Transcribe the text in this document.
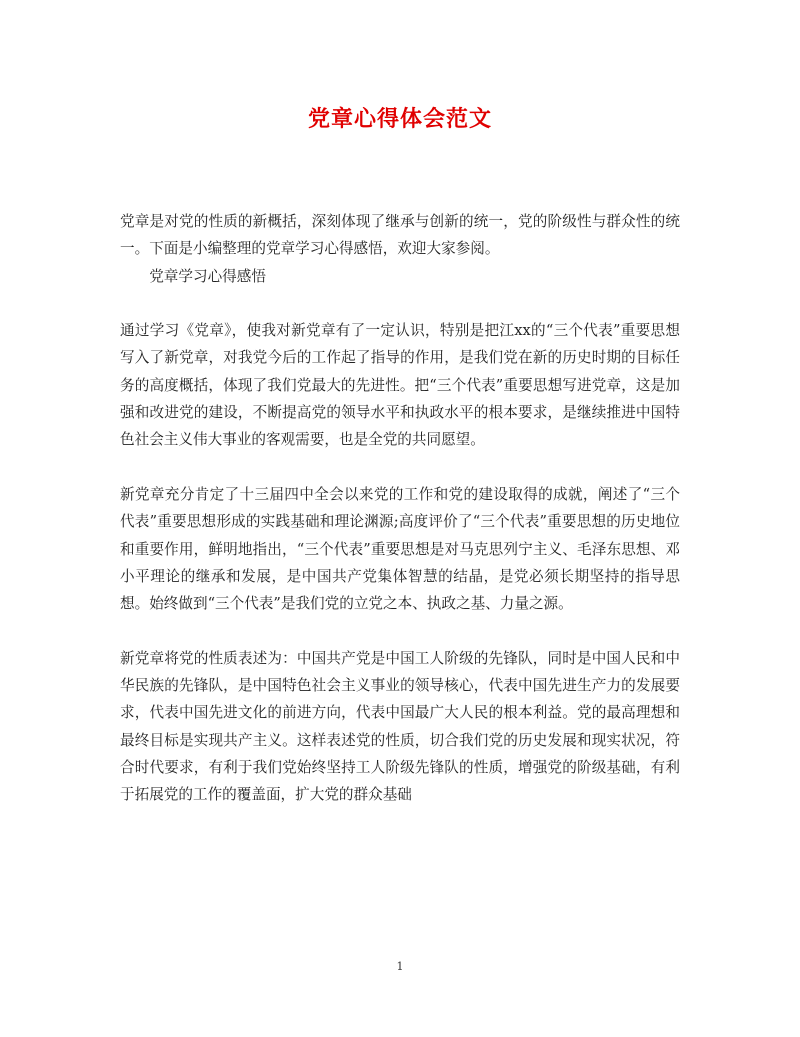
党章心得体会范文

党章是对党的性质的新概括，深刻体现了继承与创新的统一，党的阶级性与群众性的统一。下面是小编整理的党章学习心得感悟，欢迎大家参阅。

党章学习心得感悟

通过学习《党章》，使我对新党章有了一定认识，特别是把江xx的“三个代表”重要思想写入了新党章，对我党今后的工作起了指导的作用，是我们党在新的历史时期的目标任务的高度概括，体现了我们党最大的先进性。把“三个代表”重要思想写进党章，这是加强和改进党的建设，不断提高党的领导水平和执政水平的根本要求，是继续推进中国特色社会主义伟大事业的客观需要，也是全党的共同愿望。

新党章充分肯定了十三届四中全会以来党的工作和党的建设取得的成就，阐述了“三个代表”重要思想形成的实践基础和理论渊源;高度评价了“三个代表”重要思想的历史地位和重要作用，鲜明地指出，“三个代表”重要思想是对马克思列宁主义、毛泽东思想、邓小平理论的继承和发展，是中国共产党集体智慧的结晶，是党必须长期坚持的指导思想。始终做到“三个代表”是我们党的立党之本、执政之基、力量之源。

新党章将党的性质表述为：中国共产党是中国工人阶级的先锋队，同时是中国人民和中华民族的先锋队，是中国特色社会主义事业的领导核心，代表中国先进生产力的发展要求，代表中国先进文化的前进方向，代表中国最广大人民的根本利益。党的最高理想和最终目标是实现共产主义。这样表述党的性质，切合我们党的历史发展和现实状况，符合时代要求，有利于我们党始终坚持工人阶级先锋队的性质，增强党的阶级基础，有利于拓展党的工作的覆盖面，扩大党的群众基础

1
